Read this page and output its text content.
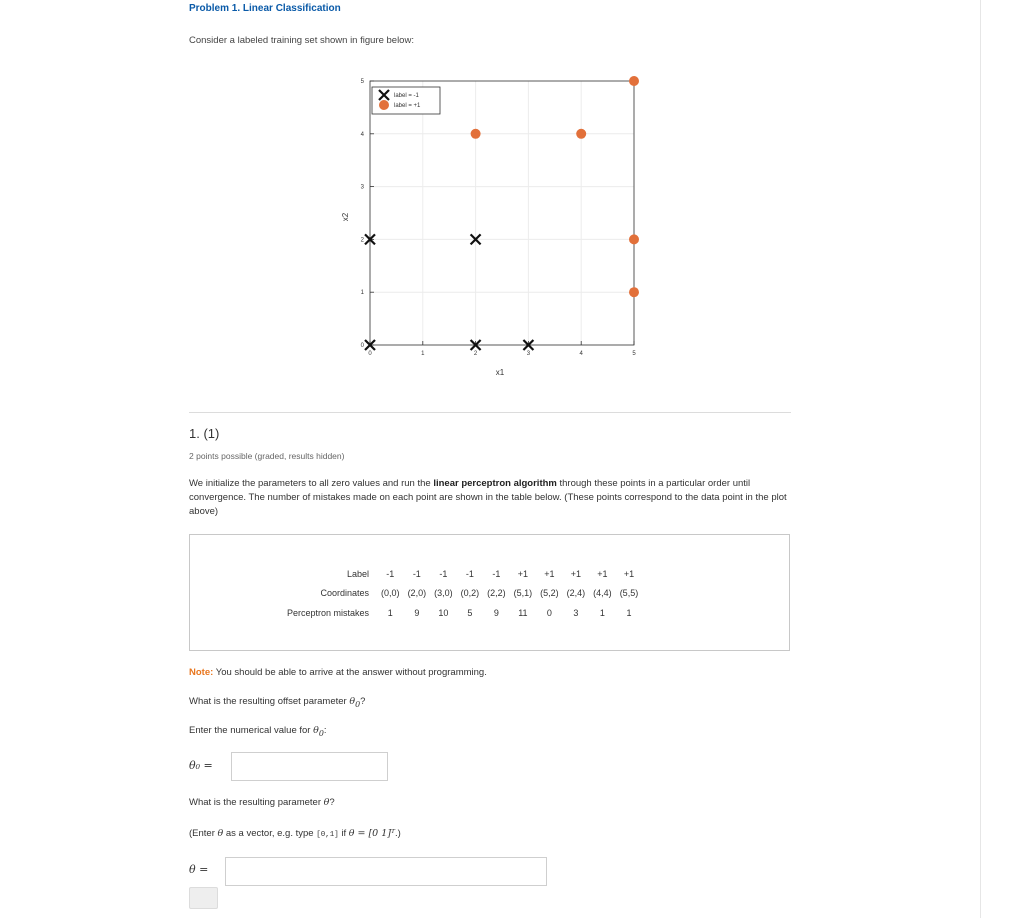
Problem 1. Linear Classification
Consider a labeled training set shown in figure below:
0	1	2	3	4	5
0
1
2
3
4
5
x1
x2
label = -1
label = +1
1. (1)
2 points possible (graded, results hidden)
We initialize the parameters to all zero values and run the linear perceptron algorithm through these points in a particular order until convergence. The number of mistakes made on each point are shown in the table below. (These points correspond to the data point in the plot above)
Label	-1	-1	-1	-1	-1	+1	+1	+1	+1	+1
Coordinates	(0,0)	(2,0)	(3,0)	(0,2)	(2,2)	(5,1)	(5,2)	(2,4)	(4,4)	(5,5)
Perceptron mistakes	1	9	10	5	9	11	0	3	1	1
Note: You should be able to arrive at the answer without programming.
What is the resulting offset parameter $\theta_0$?
Enter the numerical value for $\theta_0$:
θ₀ =
What is the resulting parameter θ?
(Enter θ as a vector, e.g. type [0,1] if θ = [0 1]ᵀ.)
θ =
